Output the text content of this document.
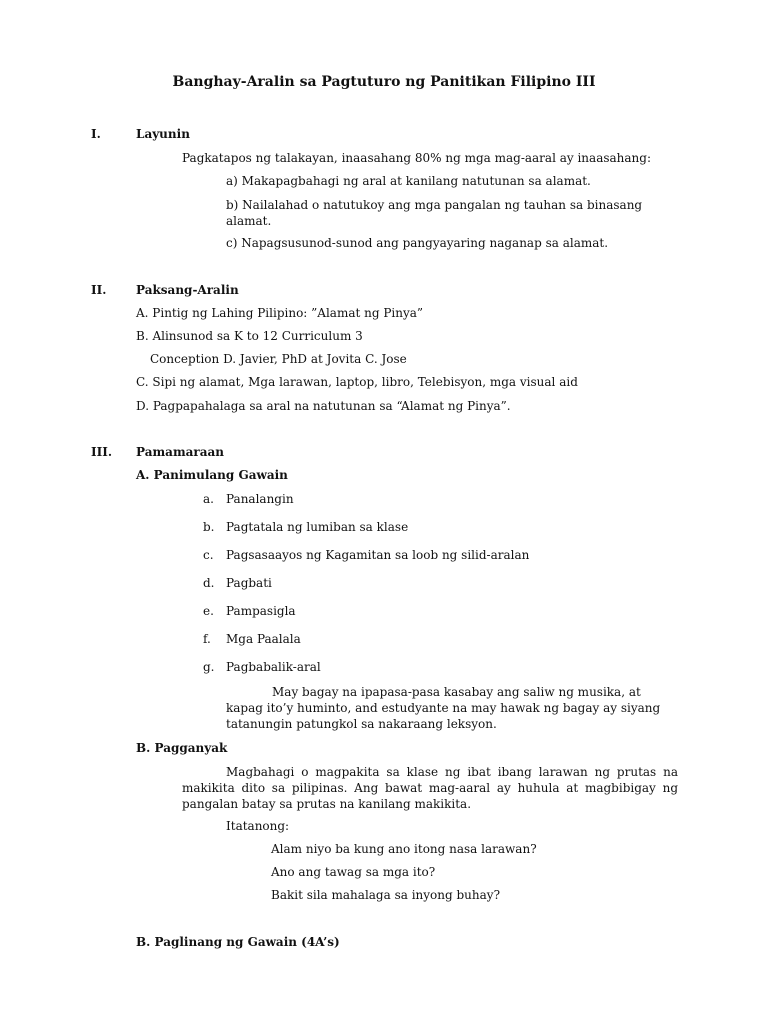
Banghay-Aralin sa Pagtuturo ng Panitikan Filipino III
I.	Layunin
Pagkatapos ng talakayan, inaasahang 80% ng mga mag-aaral ay inaasahang:
a) Makapagbahagi ng aral at kanilang natutunan sa alamat.
b) Nailalahad o natutukoy ang mga pangalan ng tauhan sa binasang alamat.
c) Napagsusunod-sunod ang pangyayaring naganap sa alamat.
II. Paksang-Aralin
A. Pintig ng Lahing Pilipino: ”Alamat ng Pinya”
B. Alinsunod sa K to 12 Curriculum 3
Conception D. Javier, PhD at Jovita C. Jose
C. Sipi ng alamat, Mga larawan, laptop, libro, Telebisyon, mga visual aid
D. Pagpapahalaga sa aral na natutunan sa “Alamat ng Pinya”.
III. Pamamaraan
A. Panimulang Gawain
a. Panalangin
b. Pagtatala ng lumiban sa klase
c. Pagsasaayos ng Kagamitan sa loob ng silid-aralan
d. Pagbati
e. Pampasigla
f. Mga Paalala
g. Pagbabalik-aral
May bagay na ipapasa-pasa kasabay ang saliw ng musika, at kapag ito’y huminto, and estudyante na may hawak ng bagay ay siyang tatanungin patungkol sa nakaraang leksyon.
B. Pagganyak
Magbahagi o magpakita sa klase ng ibat ibang larawan ng prutas na makikita dito sa pilipinas. Ang bawat mag-aaral ay huhula at magbibigay ng pangalan batay sa prutas na kanilang makikita.
Itatanong:
Alam niyo ba kung ano itong nasa larawan?
Ano ang tawag sa mga ito?
Bakit sila mahalaga sa inyong buhay?
B. Paglinang ng Gawain (4A’s)
